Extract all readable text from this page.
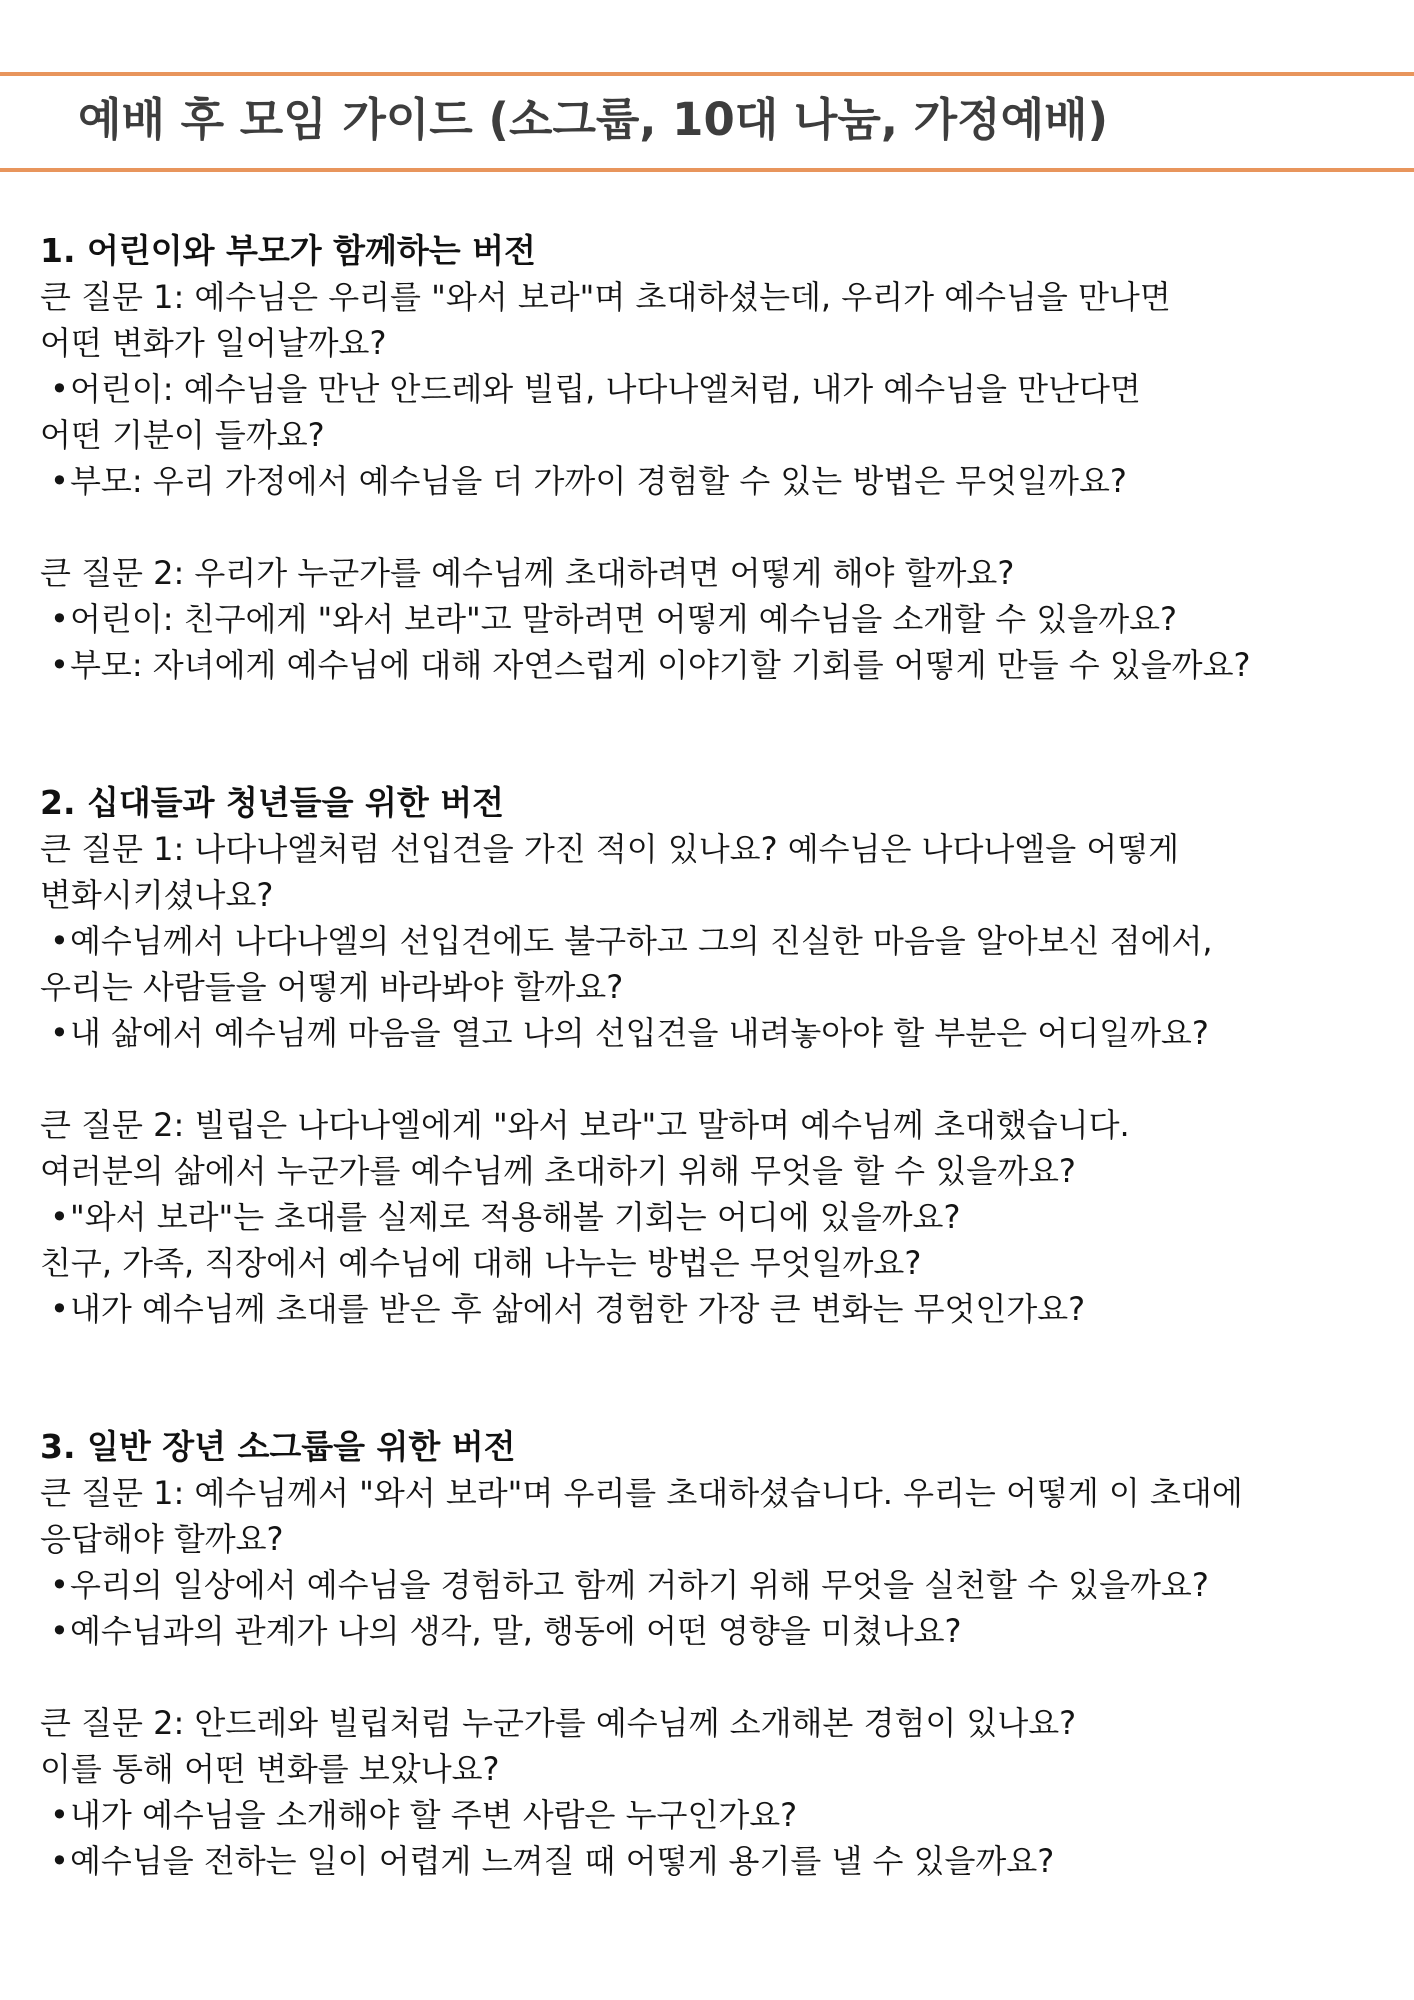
예배 후 모임 가이드 (소그룹, 10대 나눔, 가정예배)
1. 어린이와 부모가 함께하는 버전
큰 질문 1: 예수님은 우리를 "와서 보라"며 초대하셨는데, 우리가 예수님을 만나면
어떤 변화가 일어날까요?
• 어린이: 예수님을 만난 안드레와 빌립, 나다나엘처럼, 내가 예수님을 만난다면
어떤 기분이 들까요?
• 부모: 우리 가정에서 예수님을 더 가까이 경험할 수 있는 방법은 무엇일까요?
큰 질문 2: 우리가 누군가를 예수님께 초대하려면 어떻게 해야 할까요?
• 어린이: 친구에게 "와서 보라"고 말하려면 어떻게 예수님을 소개할 수 있을까요?
• 부모: 자녀에게 예수님에 대해 자연스럽게 이야기할 기회를 어떻게 만들 수 있을까요?
2. 십대들과 청년들을 위한 버전
큰 질문 1: 나다나엘처럼 선입견을 가진 적이 있나요? 예수님은 나다나엘을 어떻게
변화시키셨나요?
• 예수님께서 나다나엘의 선입견에도 불구하고 그의 진실한 마음을 알아보신 점에서,
우리는 사람들을 어떻게 바라봐야 할까요?
• 내 삶에서 예수님께 마음을 열고 나의 선입견을 내려놓아야 할 부분은 어디일까요?
큰 질문 2: 빌립은 나다나엘에게 "와서 보라"고 말하며 예수님께 초대했습니다.
여러분의 삶에서 누군가를 예수님께 초대하기 위해 무엇을 할 수 있을까요?
• "와서 보라"는 초대를 실제로 적용해볼 기회는 어디에 있을까요?
친구, 가족, 직장에서 예수님에 대해 나누는 방법은 무엇일까요?
• 내가 예수님께 초대를 받은 후 삶에서 경험한 가장 큰 변화는 무엇인가요?
3. 일반 장년 소그룹을 위한 버전
큰 질문 1: 예수님께서 "와서 보라"며 우리를 초대하셨습니다. 우리는 어떻게 이 초대에
응답해야 할까요?
• 우리의 일상에서 예수님을 경험하고 함께 거하기 위해 무엇을 실천할 수 있을까요?
• 예수님과의 관계가 나의 생각, 말, 행동에 어떤 영향을 미쳤나요?
큰 질문 2: 안드레와 빌립처럼 누군가를 예수님께 소개해본 경험이 있나요?
이를 통해 어떤 변화를 보았나요?
• 내가 예수님을 소개해야 할 주변 사람은 누구인가요?
• 예수님을 전하는 일이 어렵게 느껴질 때 어떻게 용기를 낼 수 있을까요?
